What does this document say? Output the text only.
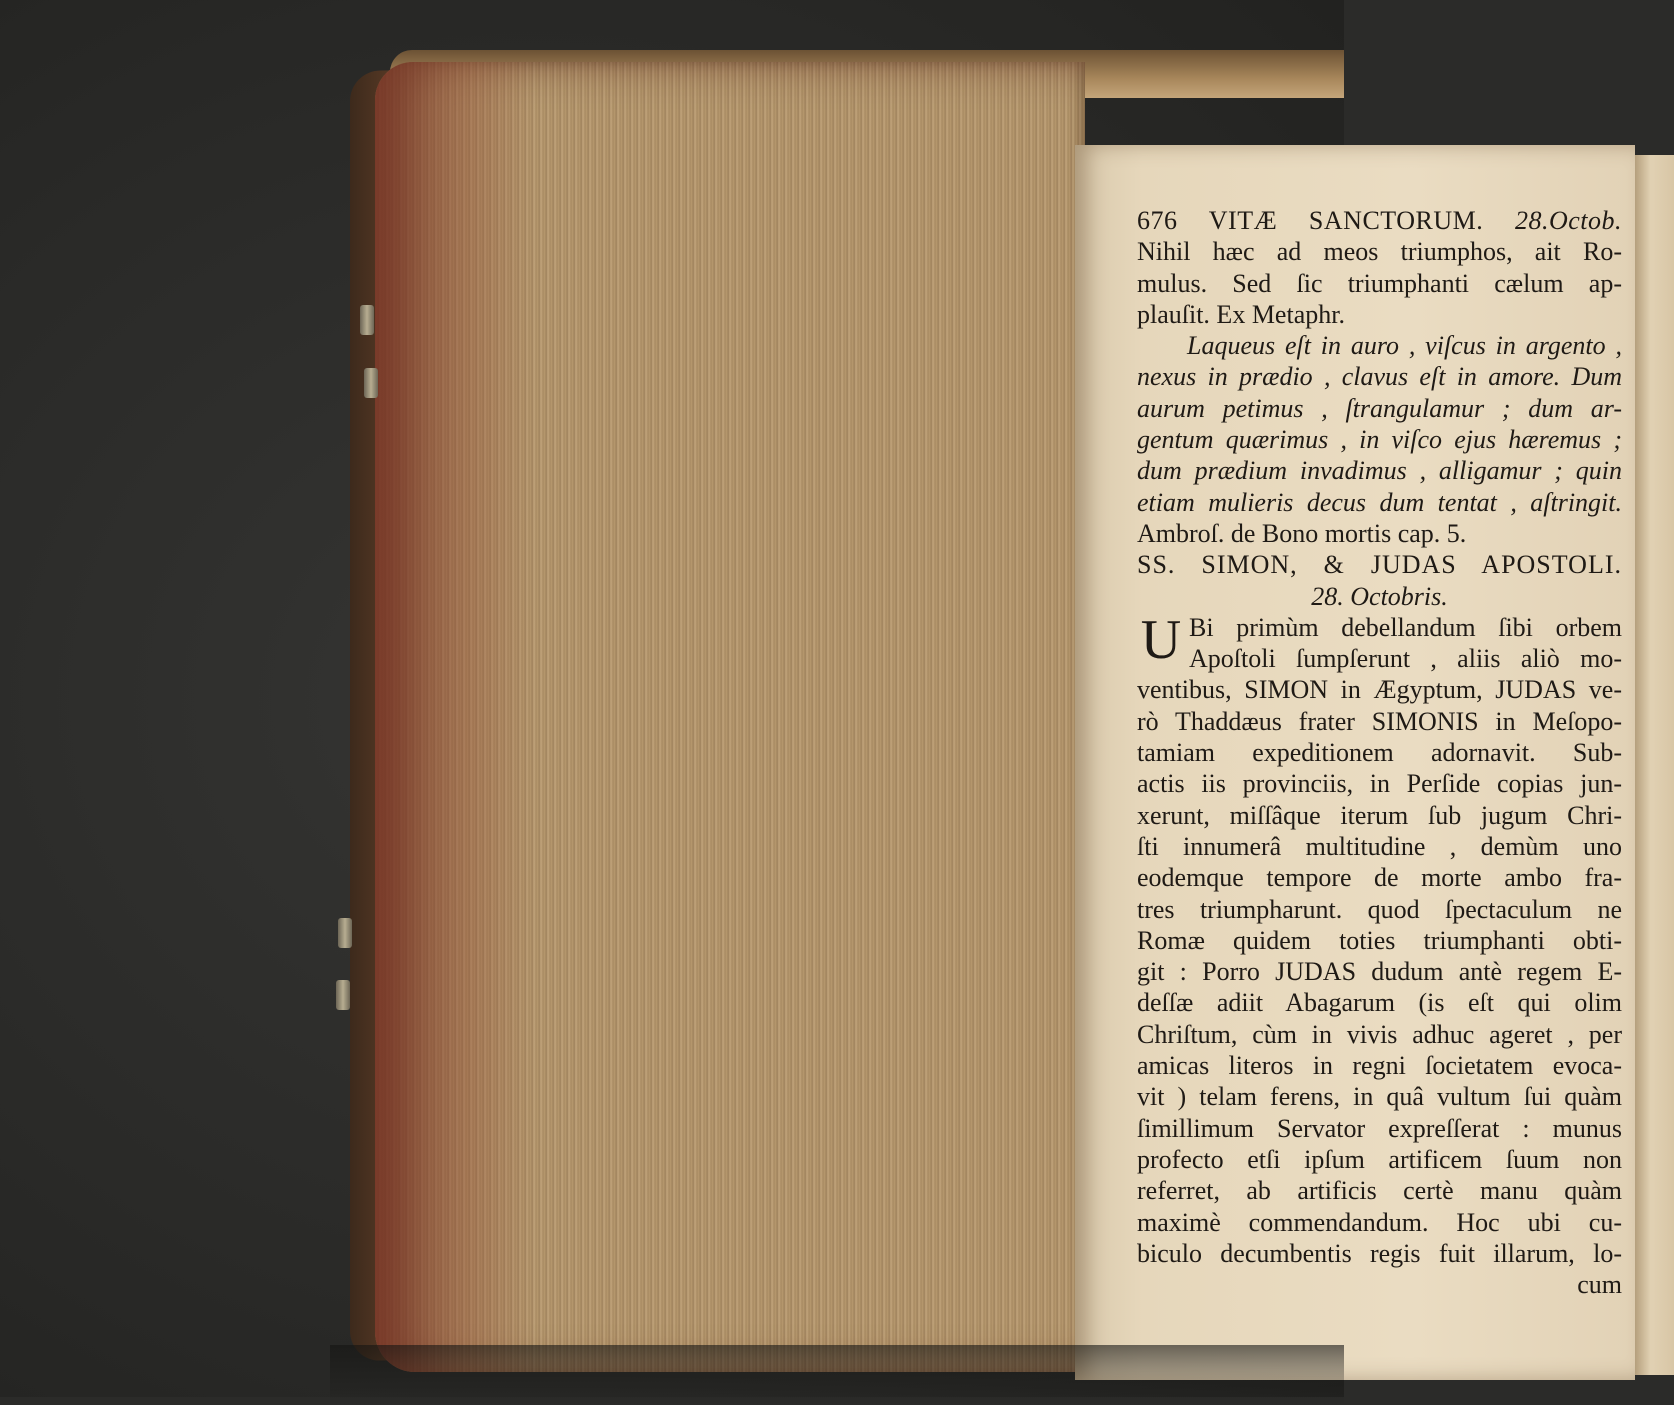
676 VITÆ SANCTORUM. 28.Octob.
Nihil hæc ad meos triumphos, ait Ro-
mulus. Sed ſic triumphanti cælum ap-
plauſit. Ex Metaphr.
Laqueus eſt in auro , viſcus in argento ,
nexus in prædio , clavus eſt in amore. Dum
aurum petimus , ſtrangulamur ; dum ar-
gentum quærimus , in viſco ejus hæremus ;
dum prædium invadimus , alligamur ; quin
etiam mulieris decus dum tentat , aſtringit.
Ambroſ. de Bono mortis cap. 5.
SS. SIMON, & JUDAS APOSTOLI.
28. Octobris.
U Bi primùm debellandum ſibi orbem
Apoſtoli ſumpſerunt , aliis aliò mo-
ventibus, SIMON in Ægyptum, JUDAS ve-
rò Thaddæus frater SIMONIS in Meſopo-
tamiam expeditionem adornavit. Sub-
actis iis provinciis, in Perſide copias jun-
xerunt, miſſâque iterum ſub jugum Chri-
ſti innumerâ multitudine , demùm uno
eodemque tempore de morte ambo fra-
tres triumpharunt. quod ſpectaculum ne
Romæ quidem toties triumphanti obti-
git : Porro JUDAS dudum antè regem E-
deſſæ adiit Abagarum (is eſt qui olim
Chriſtum, cùm in vivis adhuc ageret , per
amicas literos in regni ſocietatem evoca-
vit ) telam ferens, in quâ vultum ſui quàm
ſimillimum Servator expreſſerat : munus
profecto etſi ipſum artificem ſuum non
referret, ab artificis certè manu quàm
maximè commendandum. Hoc ubi cu-
biculo decumbentis regis fuit illarum, lo-
cum
